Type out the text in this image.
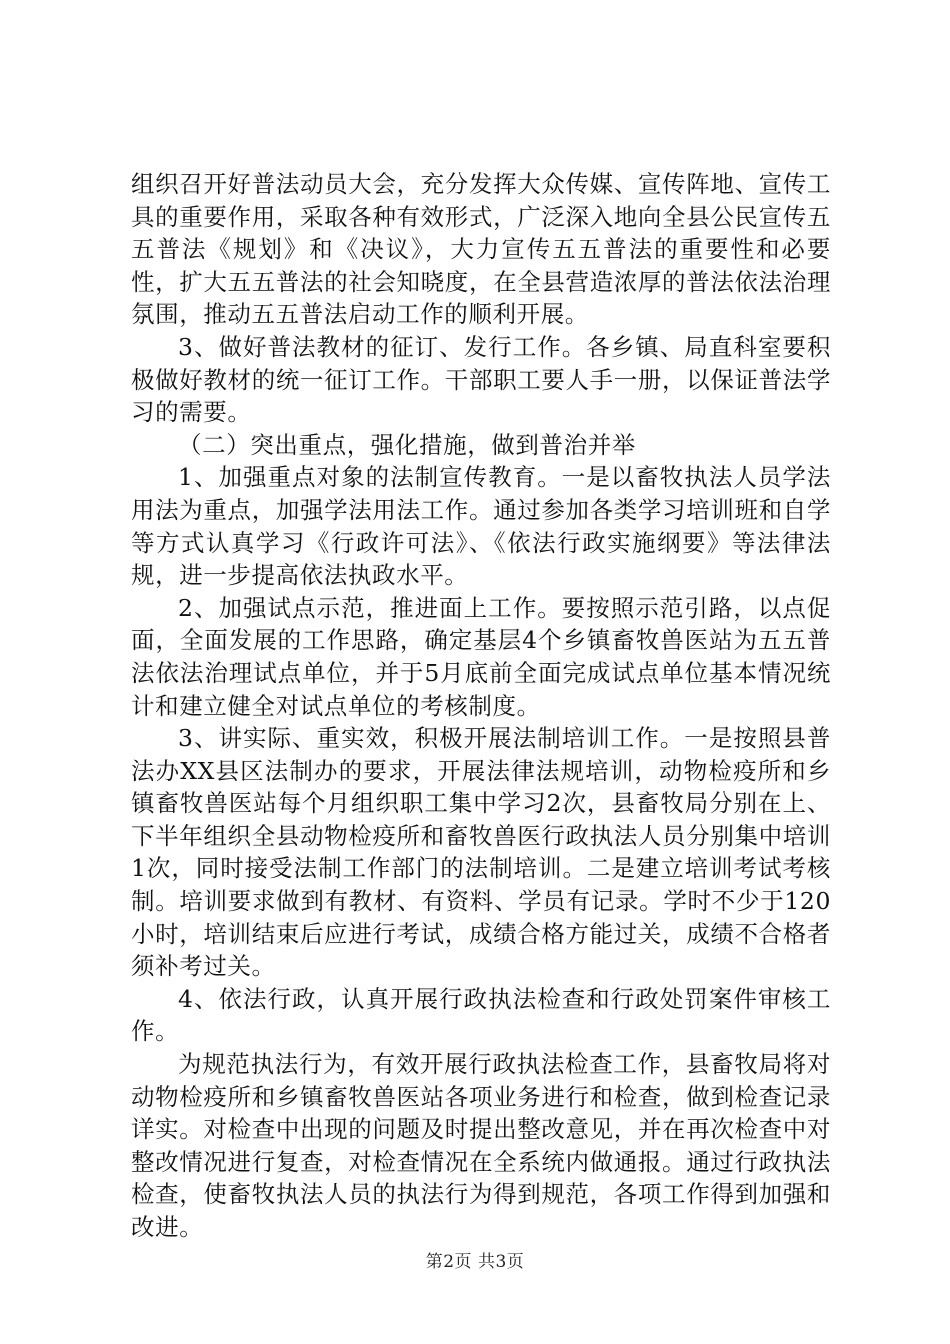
组织召开好普法动员大会，充分发挥大众传媒、宣传阵地、宣传工具的重要作用，采取各种有效形式，广泛深入地向全县公民宣传五五普法《规划》和《决议》，大力宣传五五普法的重要性和必要性，扩大五五普法的社会知晓度，在全县营造浓厚的普法依法治理氛围，推动五五普法启动工作的顺利开展。

3、做好普法教材的征订、发行工作。各乡镇、局直科室要积极做好教材的统一征订工作。干部职工要人手一册，以保证普法学习的需要。

（二）突出重点，强化措施，做到普治并举

1、加强重点对象的法制宣传教育。一是以畜牧执法人员学法用法为重点，加强学法用法工作。通过参加各类学习培训班和自学等方式认真学习《行政许可法》、《依法行政实施纲要》等法律法规，进一步提高依法执政水平。

2、加强试点示范，推进面上工作。要按照示范引路，以点促面，全面发展的工作思路，确定基层4个乡镇畜牧兽医站为五五普法依法治理试点单位，并于5月底前全面完成试点单位基本情况统计和建立健全对试点单位的考核制度。

3、讲实际、重实效，积极开展法制培训工作。一是按照县普法办XX县区法制办的要求，开展法律法规培训，动物检疫所和乡镇畜牧兽医站每个月组织职工集中学习2次，县畜牧局分别在上、下半年组织全县动物检疫所和畜牧兽医行政执法人员分别集中培训1次，同时接受法制工作部门的法制培训。二是建立培训考试考核制。培训要求做到有教材、有资料、学员有记录。学时不少于120小时，培训结束后应进行考试，成绩合格方能过关，成绩不合格者须补考过关。

4、依法行政，认真开展行政执法检查和行政处罚案件审核工作。

为规范执法行为，有效开展行政执法检查工作，县畜牧局将对动物检疫所和乡镇畜牧兽医站各项业务进行和检查，做到检查记录详实。对检查中出现的问题及时提出整改意见，并在再次检查中对整改情况进行复查，对检查情况在全系统内做通报。通过行政执法检查，使畜牧执法人员的执法行为得到规范，各项工作得到加强和改进。

第2页 共3页
